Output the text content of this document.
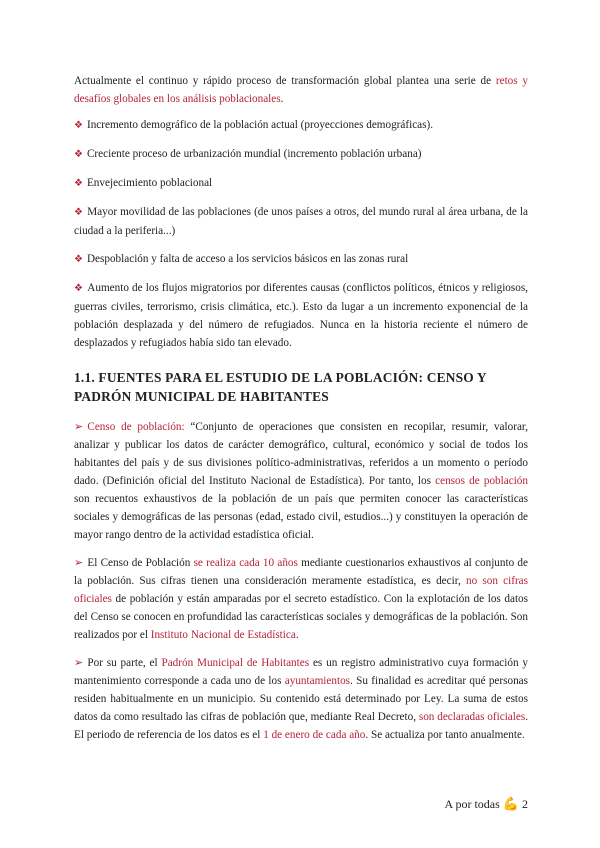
Actualmente el continuo y rápido proceso de transformación global plantea una serie de retos y desafíos globales en los análisis poblacionales.

❖ Incremento demográfico de la población actual (proyecciones demográficas).

❖ Creciente proceso de urbanización mundial (incremento población urbana)

❖ Envejecimiento poblacional

❖ Mayor movilidad de las poblaciones (de unos países a otros, del mundo rural al área urbana, de la ciudad a la periferia...)

❖ Despoblación y falta de acceso a los servicios básicos en las zonas rural

❖ Aumento de los flujos migratorios por diferentes causas (conflictos políticos, étnicos y religiosos, guerras civiles, terrorismo, crisis climática, etc.). Esto da lugar a un incremento exponencial de la población desplazada y del número de refugiados. Nunca en la historia reciente el número de desplazados y refugiados había sido tan elevado.

1.1. FUENTES PARA EL ESTUDIO DE LA POBLACIÓN: CENSO Y PADRÓN MUNICIPAL DE HABITANTES

➢ Censo de población: “Conjunto de operaciones que consisten en recopilar, resumir, valorar, analizar y publicar los datos de carácter demográfico, cultural, económico y social de todos los habitantes del país y de sus divisiones político-administrativas, referidos a un momento o período dado. (Definición oficial del Instituto Nacional de Estadística). Por tanto, los censos de población son recuentos exhaustivos de la población de un país que permiten conocer las características sociales y demográficas de las personas (edad, estado civil, estudios...) y constituyen la operación de mayor rango dentro de la actividad estadística oficial.

➢ El Censo de Población se realiza cada 10 años mediante cuestionarios exhaustivos al conjunto de la población. Sus cifras tienen una consideración meramente estadística, es decir, no son cifras oficiales de población y están amparadas por el secreto estadístico. Con la explotación de los datos del Censo se conocen en profundidad las características sociales y demográficas de la población. Son realizados por el Instituto Nacional de Estadística.

➢ Por su parte, el Padrón Municipal de Habitantes es un registro administrativo cuya formación y mantenimiento corresponde a cada uno de los ayuntamientos. Su finalidad es acreditar qué personas residen habitualmente en un municipio. Su contenido está determinado por Ley. La suma de estos datos da como resultado las cifras de población que, mediante Real Decreto, son declaradas oficiales. El periodo de referencia de los datos es el 1 de enero de cada año. Se actualiza por tanto anualmente.

A por todas 💪 2
